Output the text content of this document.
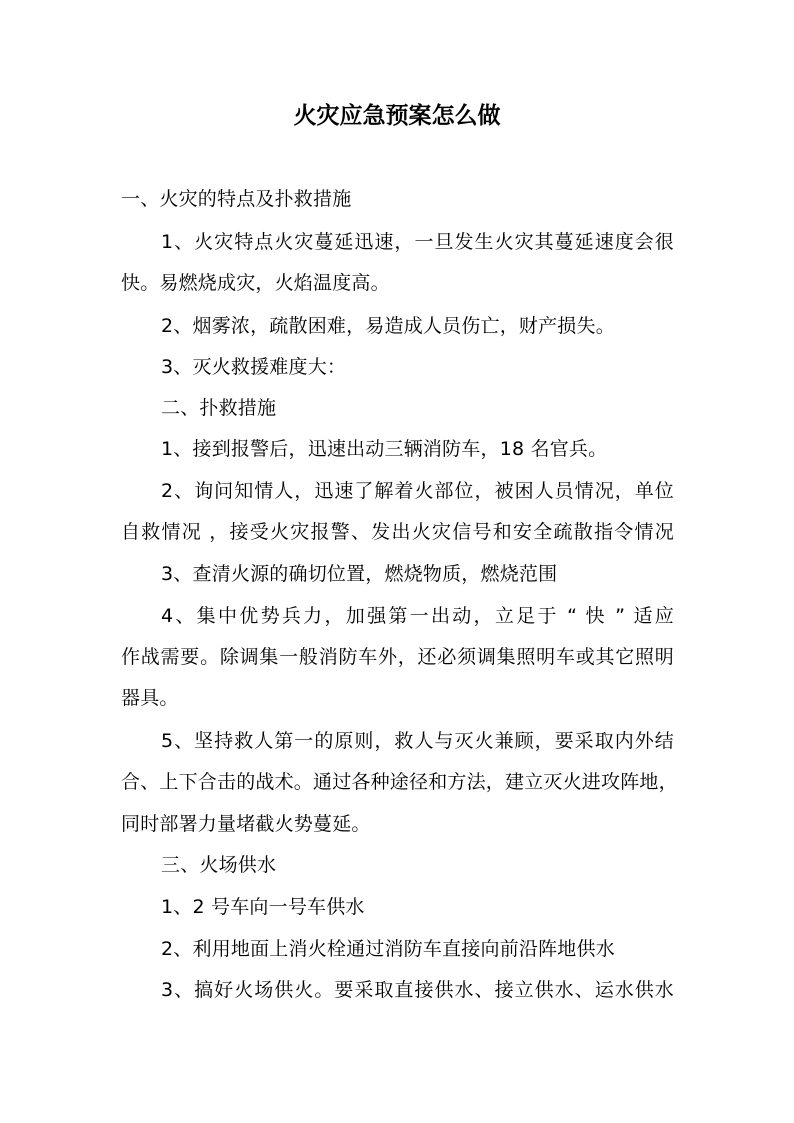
火灾应急预案怎么做
一、火灾的特点及扑救措施
1、火灾特点火灾蔓延迅速，一旦发生火灾其蔓延速度会很
快。易燃烧成灾，火焰温度高。
2、烟雾浓，疏散困难，易造成人员伤亡，财产损失。
3、灭火救援难度大：
二、扑救措施
1、接到报警后，迅速出动三辆消防车，18 名官兵。
2、询问知情人，迅速了解着火部位，被困人员情况，单位
自救情况 ，接受火灾报警、发出火灾信号和安全疏散指令情况
3、查清火源的确切位置，燃烧物质，燃烧范围
4、集中优势兵力，加强第一出动，立足于 “ 快 ” 适应
作战需要。除调集一般消防车外，还必须调集照明车或其它照明
器具。
5、坚持救人第一的原则，救人与灭火兼顾，要采取内外结
合、上下合击的战术。通过各种途径和方法，建立灭火进攻阵地，
同时部署力量堵截火势蔓延。
三、火场供水
1、2 号车向一号车供水
2、利用地面上消火栓通过消防车直接向前沿阵地供水
3、搞好火场供火。要采取直接供水、接立供水、运水供水
